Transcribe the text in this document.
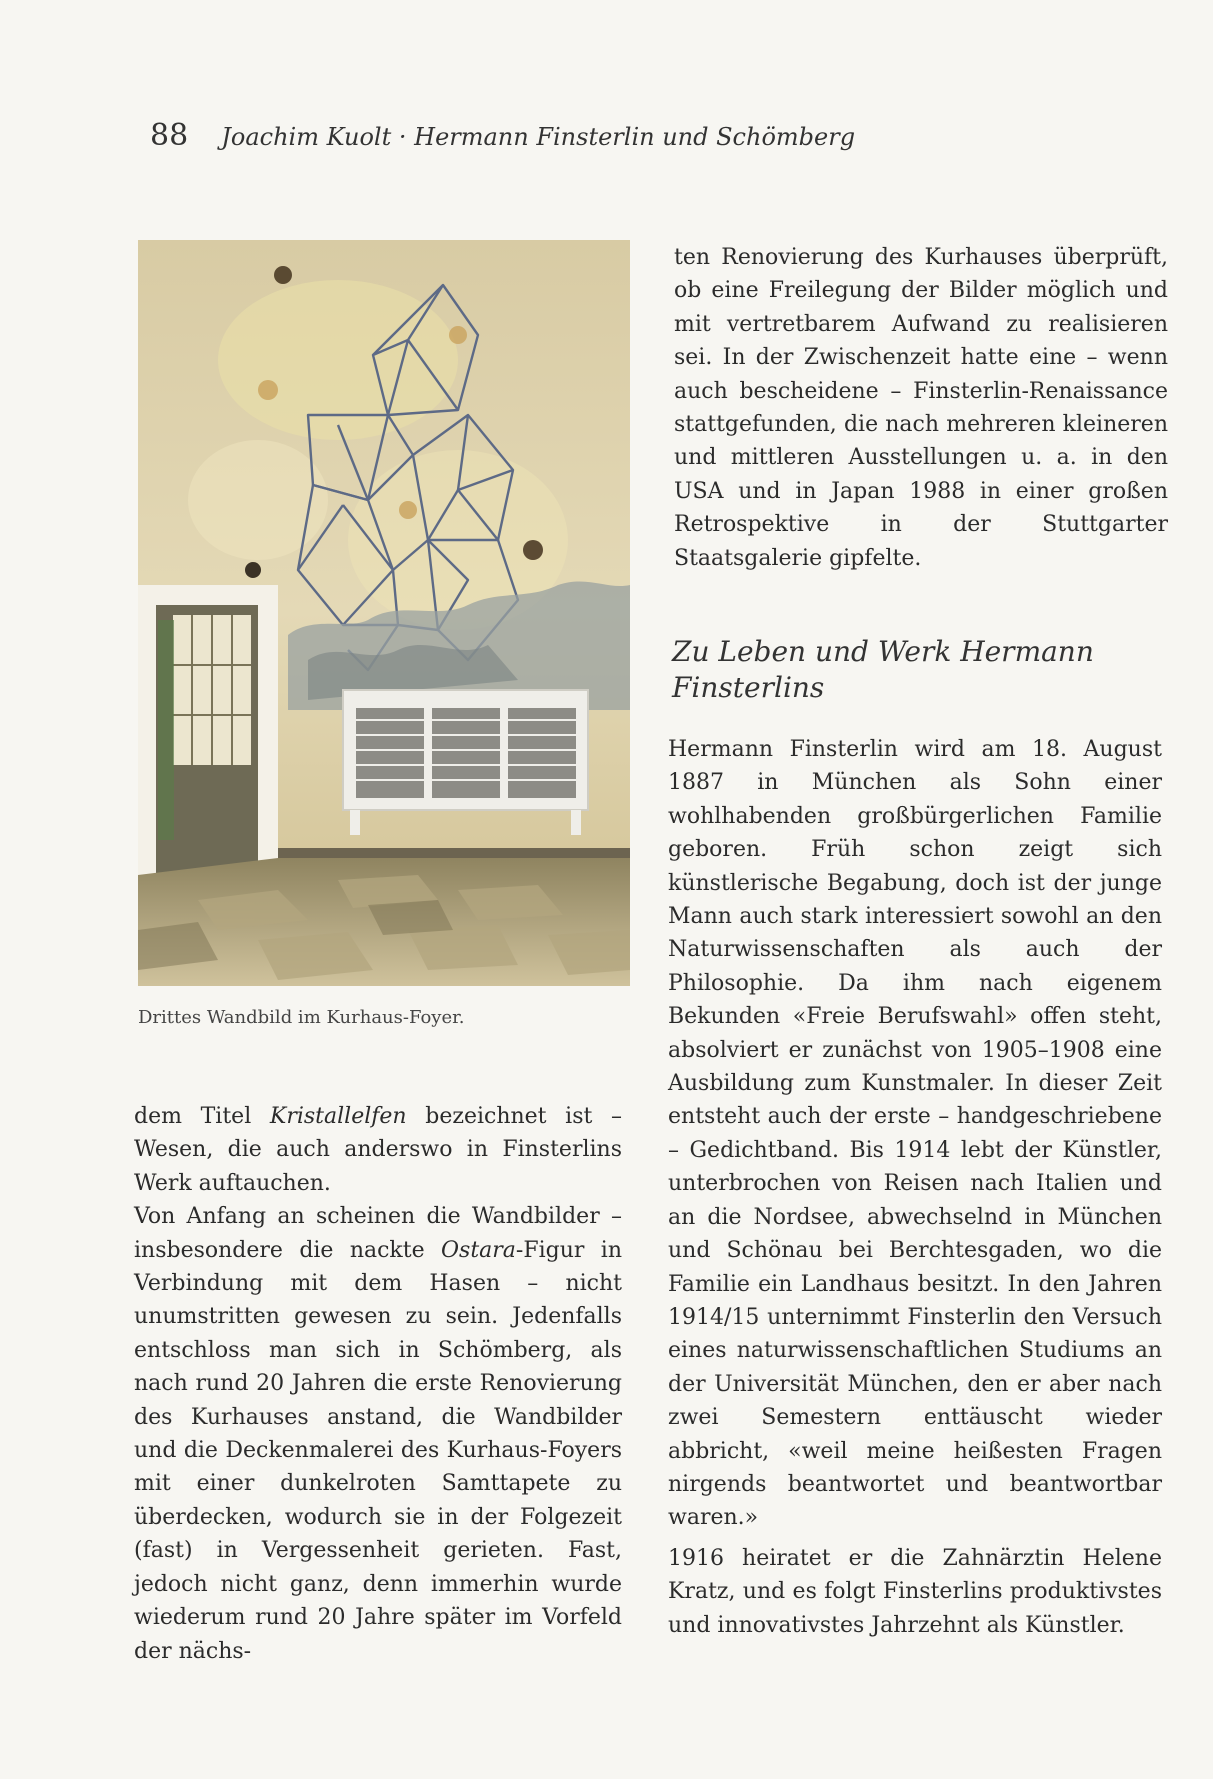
88 Joachim Kuolt · Hermann Finsterlin und Schömberg
Drittes Wandbild im Kurhaus-Foyer.

dem Titel Kristallelfen bezeichnet ist – Wesen, die auch anderswo in Finsterlins Werk auftauchen.

Von Anfang an scheinen die Wandbilder – insbesondere die nackte Ostara-Figur in Verbindung mit dem Hasen – nicht unumstritten gewesen zu sein. Jedenfalls entschloss man sich in Schömberg, als nach rund 20 Jahren die erste Renovierung des Kurhauses anstand, die Wandbilder und die Deckenmalerei des Kurhaus-Foyers mit einer dunkelroten Samttapete zu überdecken, wodurch sie in der Folgezeit (fast) in Vergessenheit gerieten. Fast, jedoch nicht ganz, denn immerhin wurde wiederum rund 20 Jahre später im Vorfeld der nächs-

ten Renovierung des Kurhauses überprüft, ob eine Freilegung der Bilder möglich und mit vertretbarem Aufwand zu realisieren sei. In der Zwischenzeit hatte eine – wenn auch bescheidene – Finsterlin-Renaissance stattgefunden, die nach mehreren kleineren und mittleren Ausstellungen u. a. in den USA und in Japan 1988 in einer großen Retrospektive in der Stuttgarter Staatsgalerie gipfelte.

Zu Leben und Werk Hermann Finsterlins

Hermann Finsterlin wird am 18. August 1887 in München als Sohn einer wohlhabenden großbürgerlichen Familie geboren. Früh schon zeigt sich künstlerische Begabung, doch ist der junge Mann auch stark interessiert sowohl an den Naturwissenschaften als auch der Philosophie. Da ihm nach eigenem Bekunden «Freie Berufswahl» offen steht, absolviert er zunächst von 1905–1908 eine Ausbildung zum Kunstmaler. In dieser Zeit entsteht auch der erste – handgeschriebene – Gedichtband. Bis 1914 lebt der Künstler, unterbrochen von Reisen nach Italien und an die Nordsee, abwechselnd in München und Schönau bei Berchtesgaden, wo die Familie ein Landhaus besitzt. In den Jahren 1914/15 unternimmt Finsterlin den Versuch eines naturwissenschaftlichen Studiums an der Universität München, den er aber nach zwei Semestern enttäuscht wieder abbricht, «weil meine heißesten Fragen nirgends beantwortet und beantwortbar waren.»

1916 heiratet er die Zahnärztin Helene Kratz, und es folgt Finsterlins produktivstes und innovativstes Jahrzehnt als Künstler.
